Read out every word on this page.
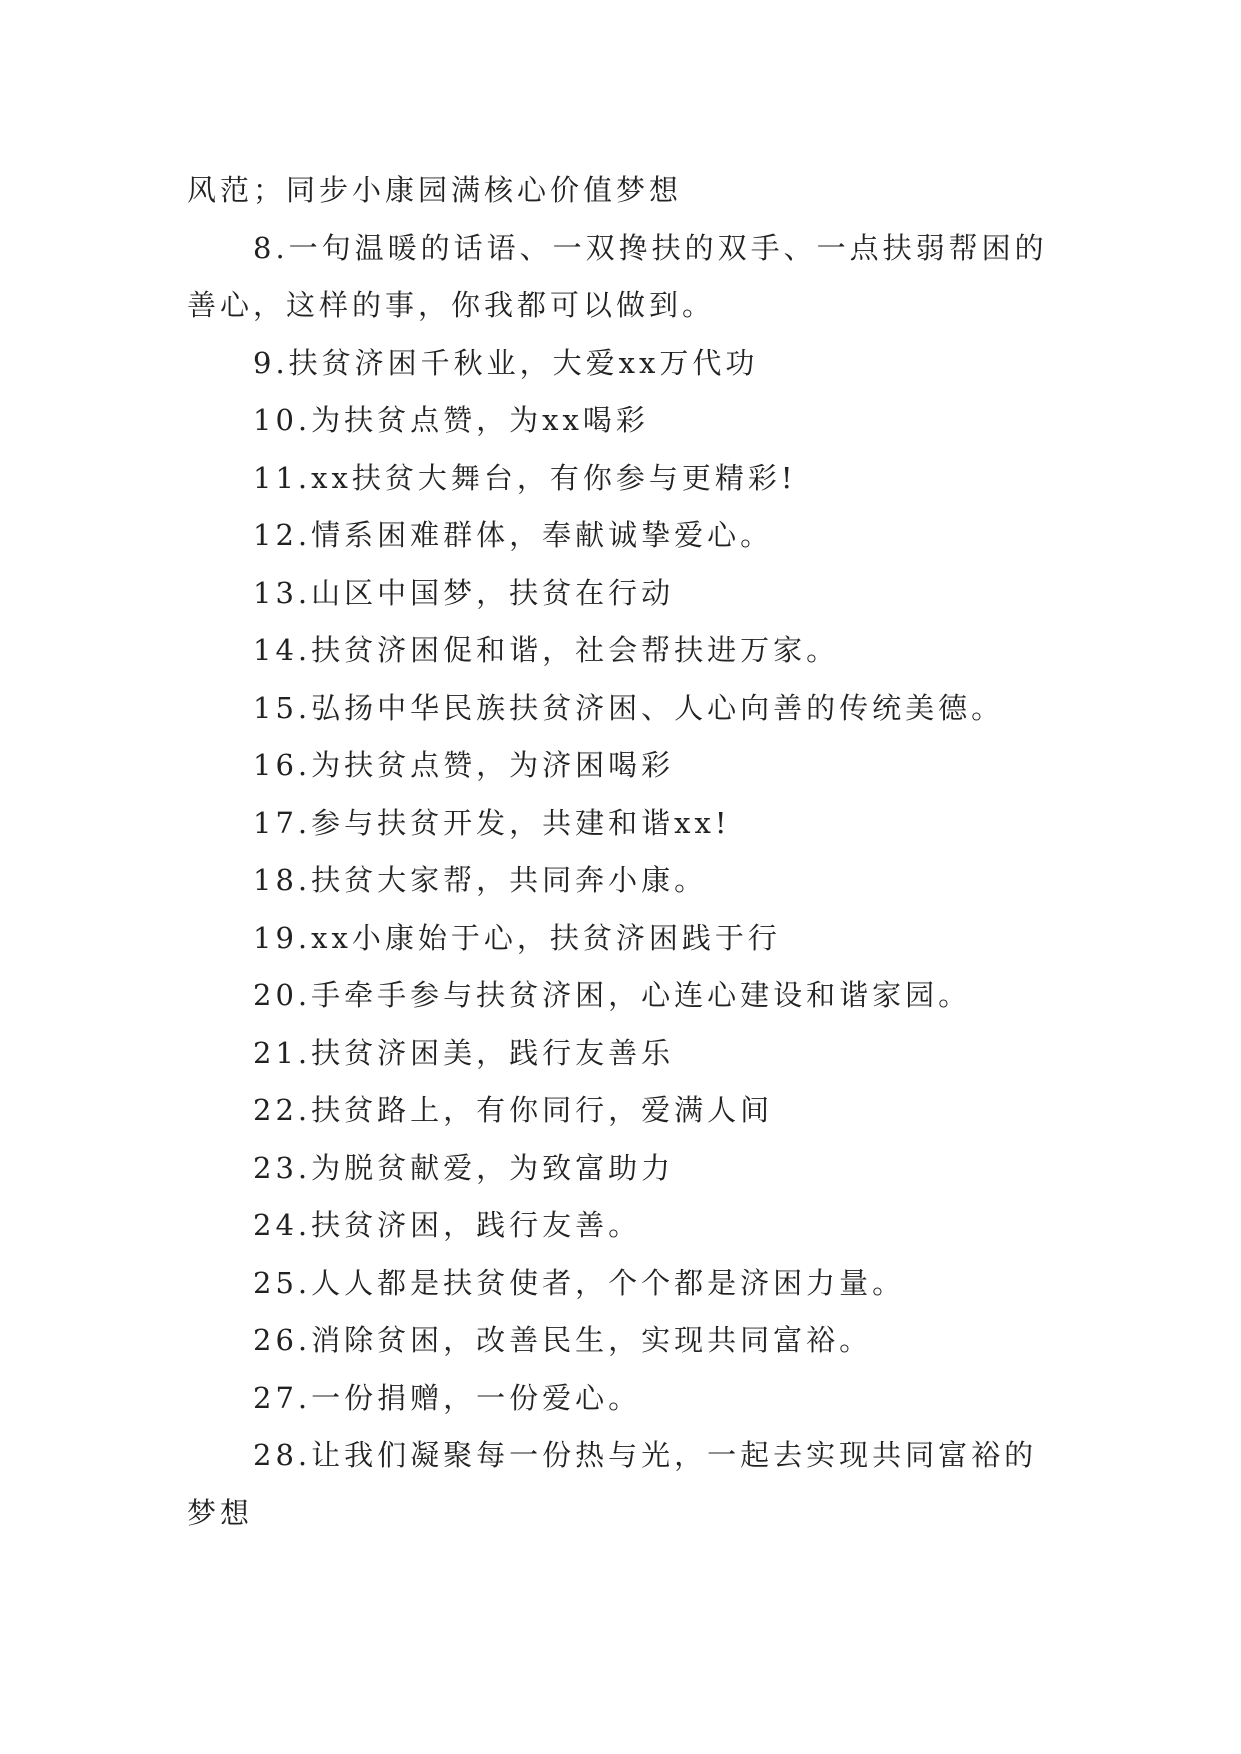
风范；同步小康园满核心价值梦想

8.一句温暖的话语、一双搀扶的双手、一点扶弱帮困的善心，这样的事，你我都可以做到。

9.扶贫济困千秋业，大爱xx万代功

10.为扶贫点赞，为xx喝彩

11.xx扶贫大舞台，有你参与更精彩!

12.情系困难群体，奉献诚挚爱心。

13.山区中国梦，扶贫在行动

14.扶贫济困促和谐，社会帮扶进万家。

15.弘扬中华民族扶贫济困、人心向善的传统美德。

16.为扶贫点赞，为济困喝彩

17.参与扶贫开发，共建和谐xx!

18.扶贫大家帮，共同奔小康。

19.xx小康始于心，扶贫济困践于行

20.手牵手参与扶贫济困，心连心建设和谐家园。

21.扶贫济困美，践行友善乐

22.扶贫路上，有你同行，爱满人间

23.为脱贫献爱，为致富助力

24.扶贫济困，践行友善。

25.人人都是扶贫使者，个个都是济困力量。

26.消除贫困，改善民生，实现共同富裕。

27.一份捐赠，一份爱心。

28.让我们凝聚每一份热与光，一起去实现共同富裕的梦想
